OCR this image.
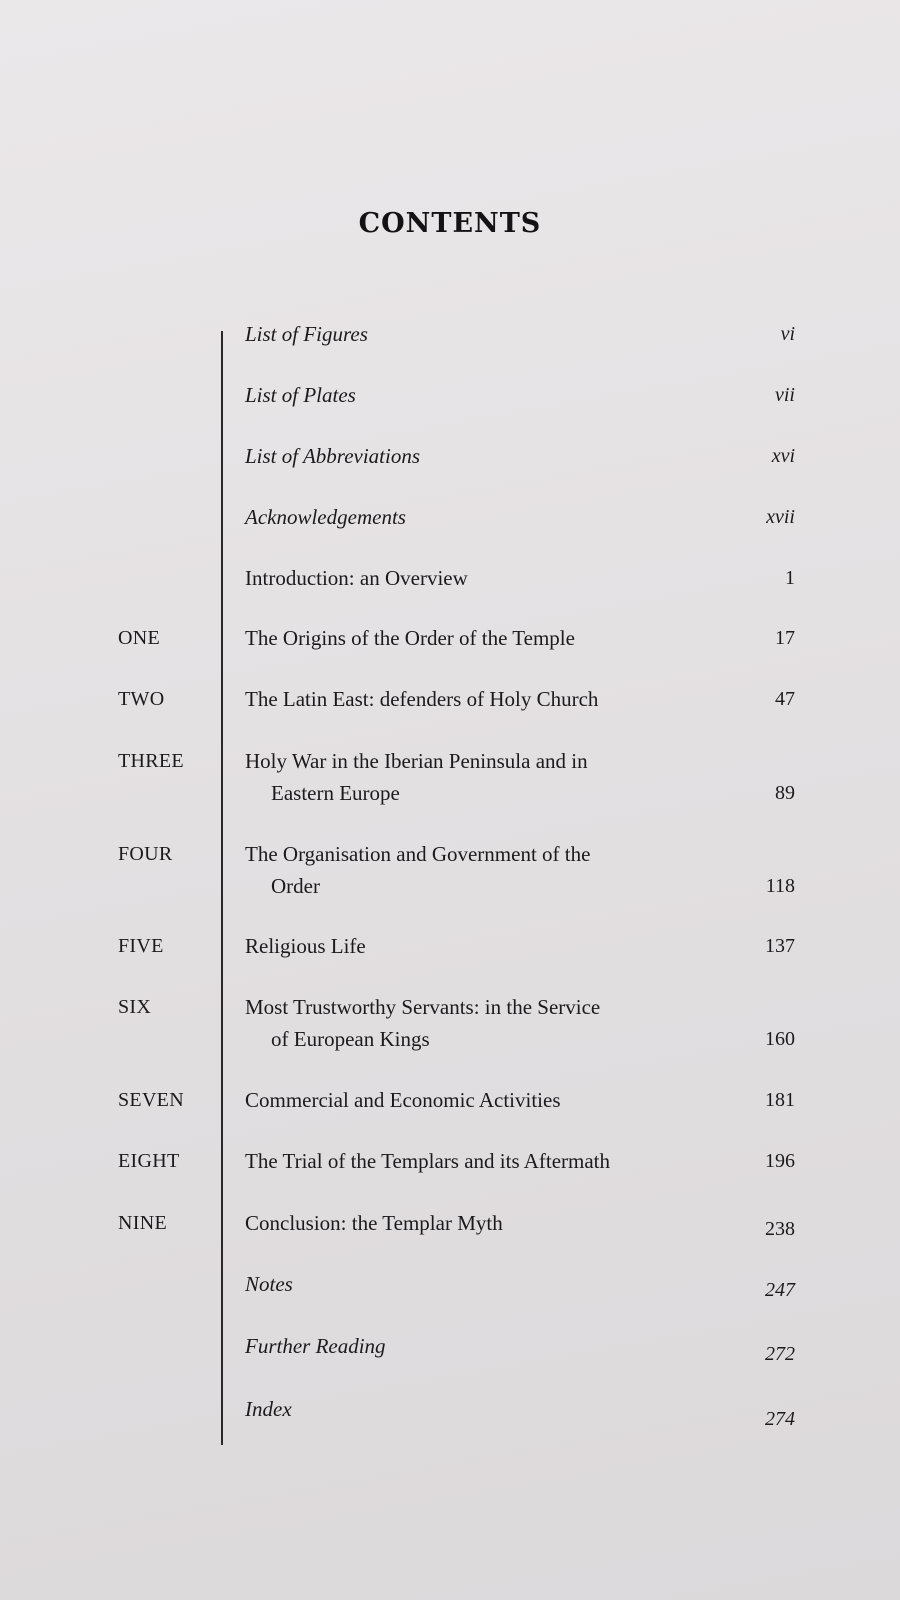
contents
List of Figures	vi
List of Plates	vii
List of Abbreviations	xvi
Acknowledgements	xvii
Introduction: an Overview	1
ONE	The Origins of the Order of the Temple	17
TWO	The Latin East: defenders of Holy Church	47
THREE	Holy War in the Iberian Peninsula and in
Eastern Europe	89
FOUR	The Organisation and Government of the
Order	118
FIVE	Religious Life	137
SIX	Most Trustworthy Servants: in the Service
of European Kings	160
SEVEN	Commercial and Economic Activities	181
EIGHT	The Trial of the Templars and its Aftermath	196
NINE	Conclusion: the Templar Myth	238
Notes	247
Further Reading	272
Index	274
